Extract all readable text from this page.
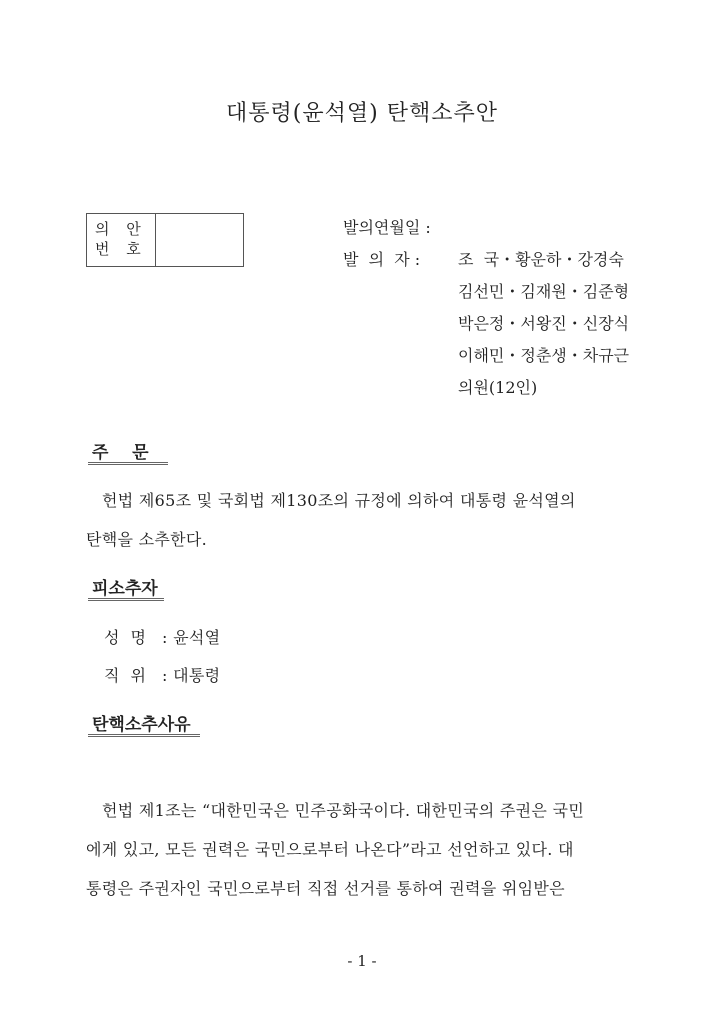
대통령(윤석열) 탄핵소추안
의 안
번 호
발의연월일 :
발  의  자 : 조  국・황운하・강경숙
김선민・김재원・김준형
박은정・서왕진・신장식
이해민・정춘생・차규근
의원(12인)
주    문
헌법 제65조 및 국회법 제130조의 규정에 의하여 대통령 윤석열의
탄핵을 소추한다.
피소추자
성  명 : 윤석열
직  위 : 대통령
탄핵소추사유
헌법 제1조는 “대한민국은 민주공화국이다. 대한민국의 주권은 국민
에게 있고, 모든 권력은 국민으로부터 나온다”라고 선언하고 있다. 대
통령은 주권자인 국민으로부터 직접 선거를 통하여 권력을 위임받은
- 1 -
